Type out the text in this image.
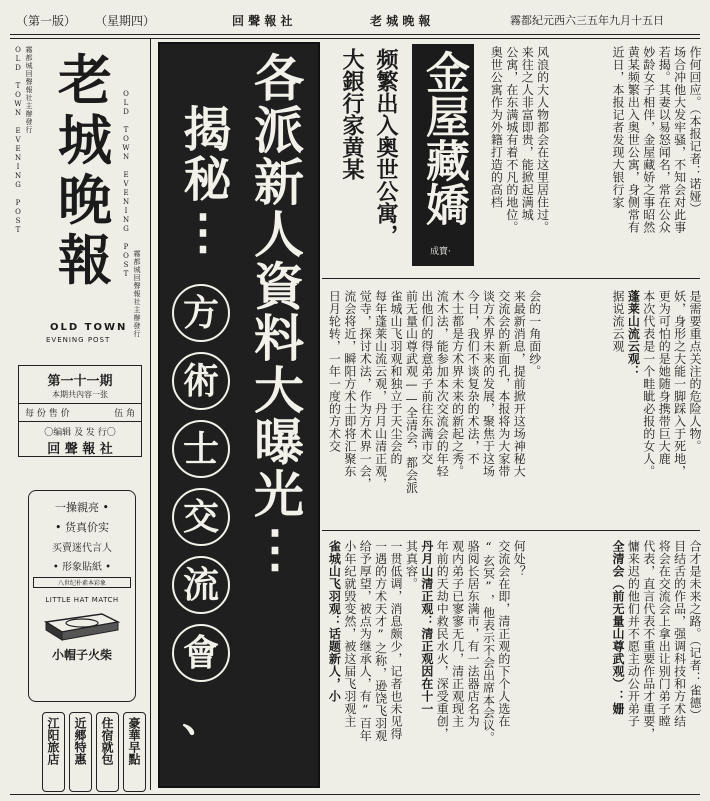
（第一版） （星期四）	回 聲 報 社	老 城 晚 報	霧都紀元西六三五年九月十五日
OLD TOWN EVENING POST 霧都城回聲報社主辦發行	OLD TOWN EVENING POST
霧都城回聲報社主辦發行
老
城
晚
報
OLD TOWN
EVENING POST
第一十一期
本期共內容一张
每 份 售 价	伍 角
〇编辑 及 发 行〇
回 聲 報 社
一操親亮 •
• 货真价实
买賣迷代言人
• 形象貼紙 •
八世纪朴素本彩象
LITTLE HAT MATCH
小帽子火柴
豪華早點
住宿就包
近郷特惠
江阳旅店
各派新人資料大曝光⋮
揭秘⋮
方
術
士
交
流
會
、
金屋藏嬌
成寶·
频繁出入奥世公寓，
大銀行家黄某	作何回应。（本报记者：诺娅）
场合冲他大发牢骚，不知会对此事
若揭。其妻以易怒闻名，常在公众
妙龄女子相伴，金屋藏娇之事昭然
黄某频繁出入奥世公寓，身侧常有
近日，本报记者发现大银行家
风浪的大人物都会在这里居住过。
来往之人非富即贵，能掀起满城
公寓，在东满城有着不凡的地位。
奥世公寓作为外籍打造的高档
是需要重点关注的危险人物。
妖，身形之大能一脚踩入于死地，
更为可怕的是她随身携带巨大鹿
本次代表是一个畦眦必报的女人。
蓬莱山流云观：
据说流云观
会的一角面纱。
来最新消息，提前掀开这场神秘大
交流会的新面孔，本报将为大家带
谈方术界未来的发展，聚焦于这场
今日，我们不谈复杂的术法，不
木士都是方术界未来的新起之秀。
流木法，能参加本次交流会的年轻
出他们的得意弟子前往东满市交
前无量山尊武观——全清会，都会派
雀城山飞羽观和独立于天尘会的
每年蓬莱山流云观，丹月山清正观，
觉寺，探讨术法，作为方术界一会，
流会将近，瞬阳方术士即将汇聚东
日月轮转，一年一度的方术交
合才是未来之路。（记者：雀德）
目结舌的作品，强调科技和方术结
将会在交流会上拿出让别门弟子瞠
代表，直言代表不重要作品才重要，
慵来迟的他们并不愿主动公开弟子
全清会（前无量山尊武观）：姗
何处？
交流会在即，清正观的下个人选在
“玄冥”，他表示不会出席本会议。
骆阅长居东满市，有一法器店名为
观内弟子已寥寥无几，清正观现主
年前的天劫中救民水火，深受重创，
丹月山清正观：清正观因在十一
其真容。
一贯低调，消息颇少，记者也未见得
一遇的方术天才”之称，逊饶飞羽观
给予厚望，被点为继承人，有“百年
小年纪就毁变然，被这届飞羽观主
雀城山飞羽观：话题新人，小
